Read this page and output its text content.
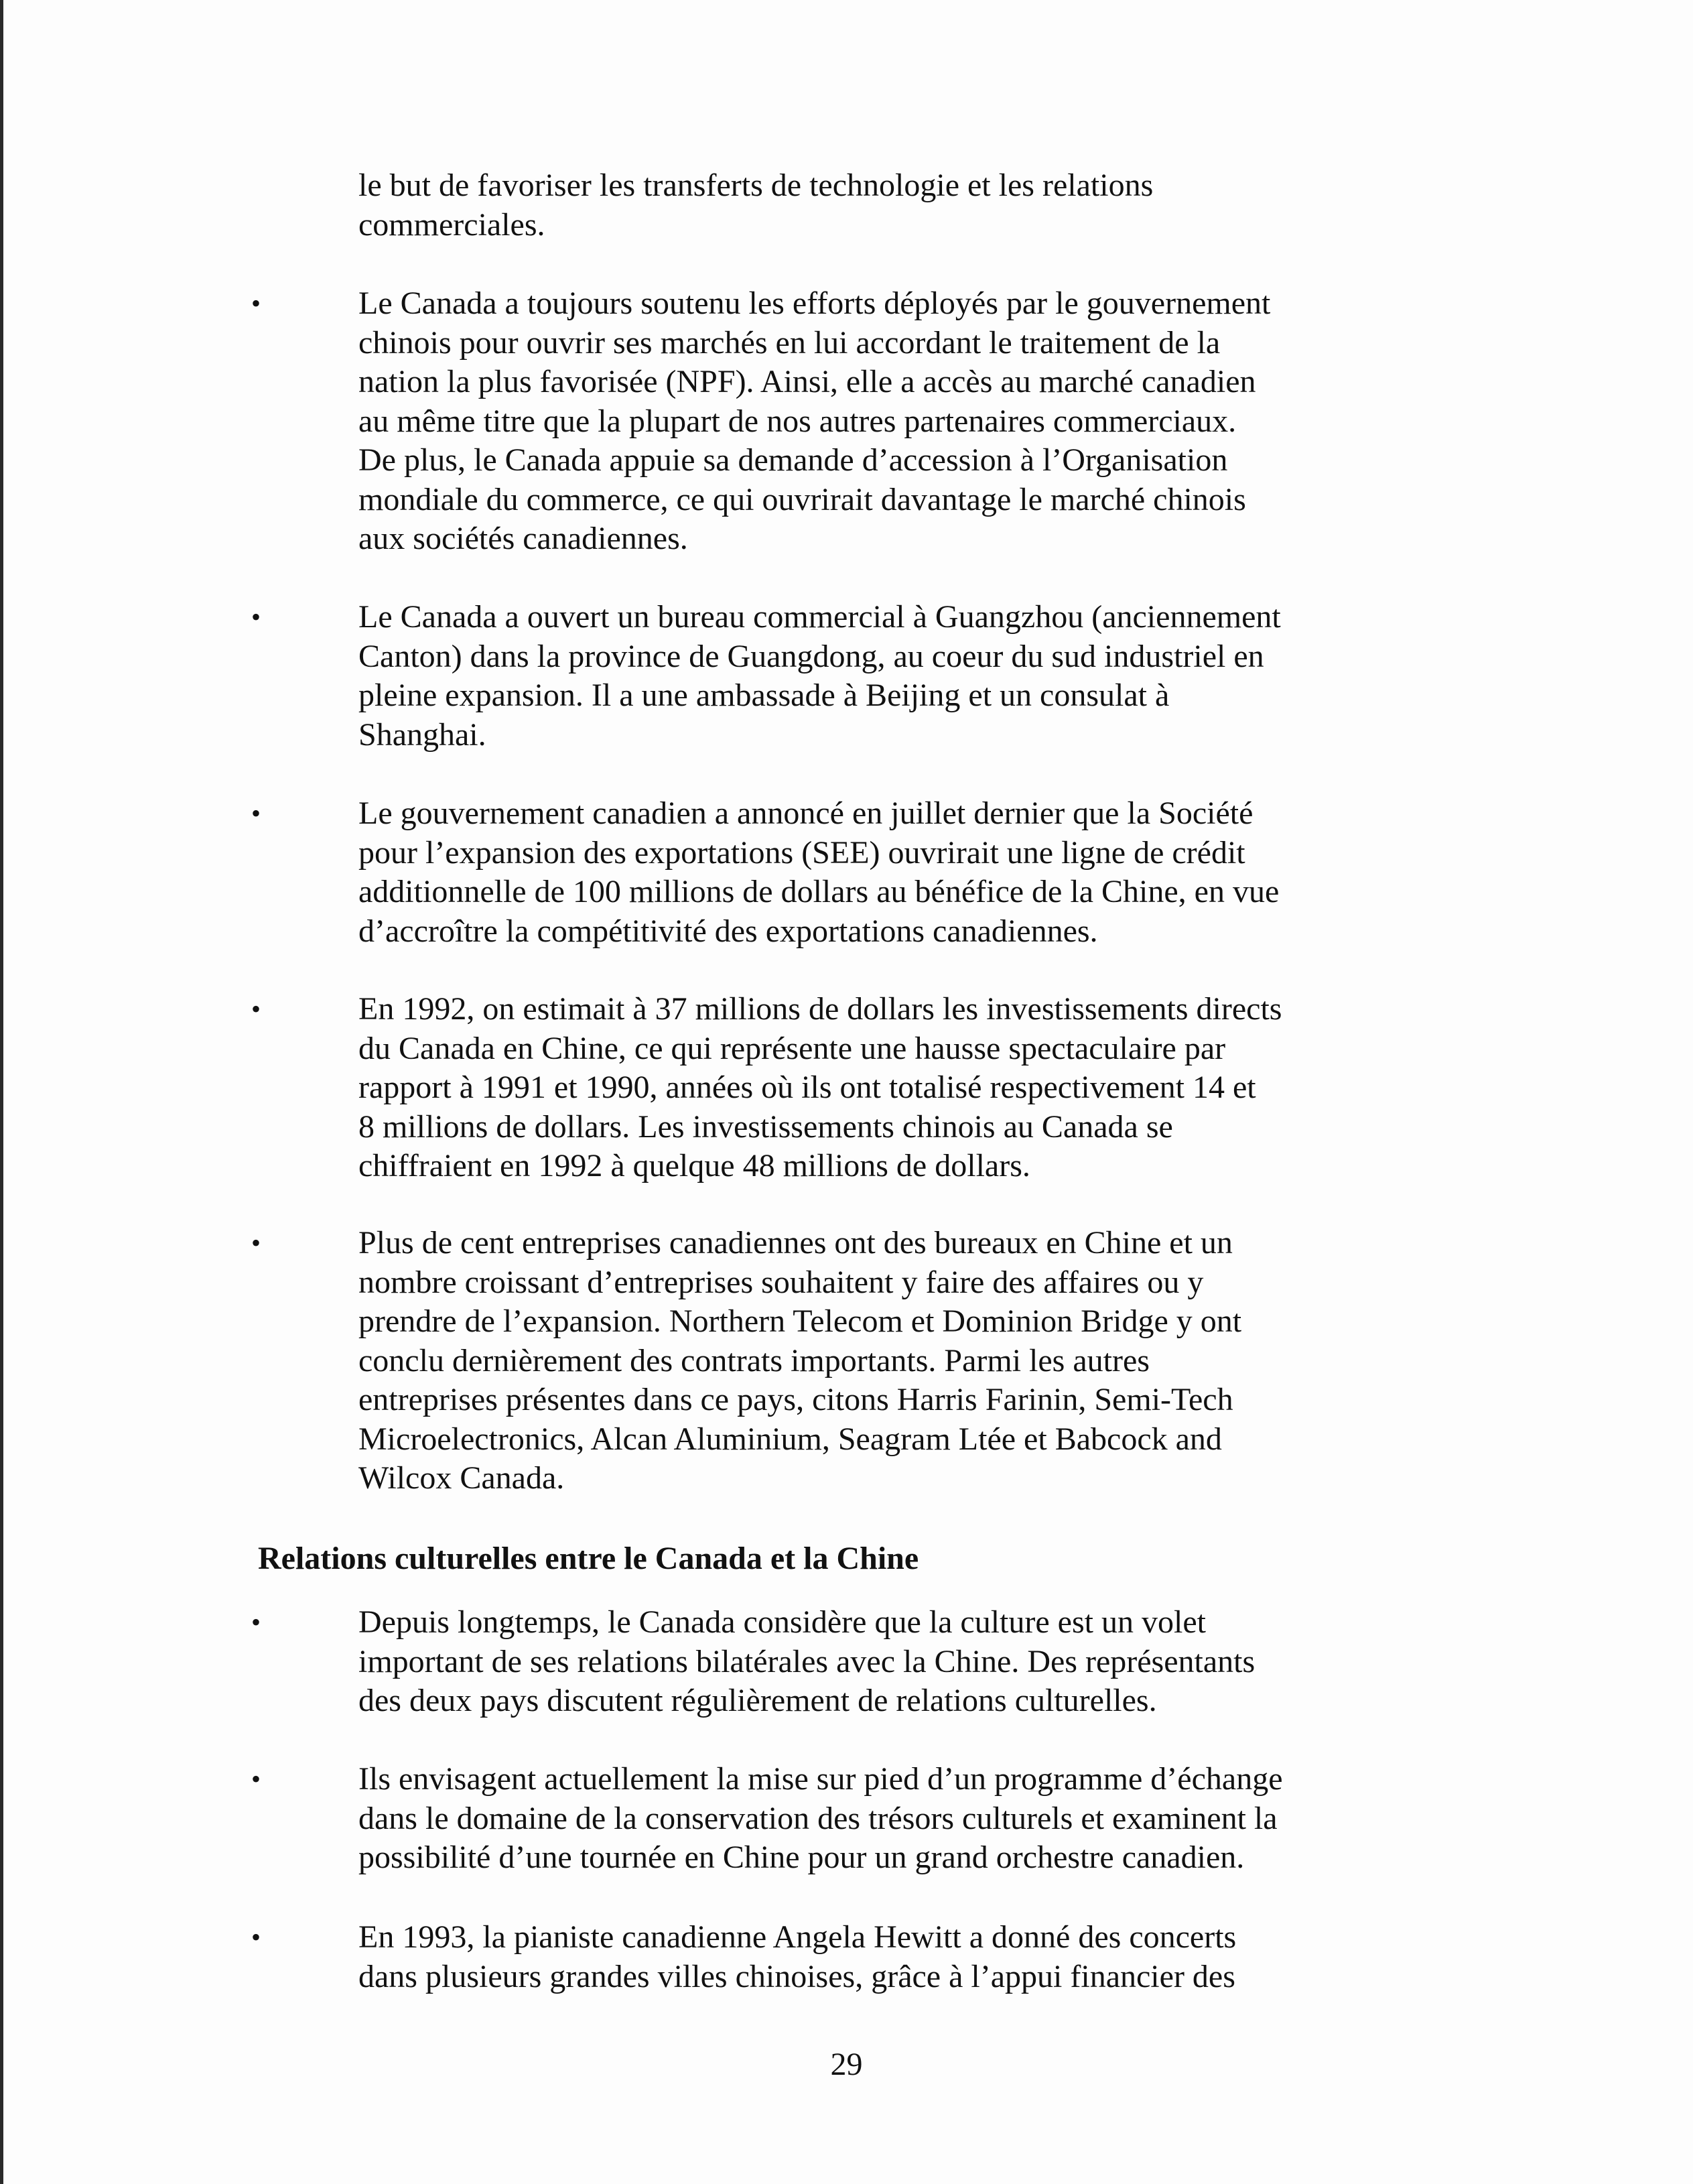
le but de favoriser les transferts de technologie et les relations
commerciales.
•	Le Canada a toujours soutenu les efforts déployés par le gouvernement
chinois pour ouvrir ses marchés en lui accordant le traitement de la
nation la plus favorisée (NPF). Ainsi, elle a accès au marché canadien
au même titre que la plupart de nos autres partenaires commerciaux.
De plus, le Canada appuie sa demande d’accession à l’Organisation
mondiale du commerce, ce qui ouvrirait davantage le marché chinois
aux sociétés canadiennes.
•	Le Canada a ouvert un bureau commercial à Guangzhou (anciennement
Canton) dans la province de Guangdong, au coeur du sud industriel en
pleine expansion. Il a une ambassade à Beijing et un consulat à
Shanghai.
•	Le gouvernement canadien a annoncé en juillet dernier que la Société
pour l’expansion des exportations (SEE) ouvrirait une ligne de crédit
additionnelle de 100 millions de dollars au bénéfice de la Chine, en vue
d’accroître la compétitivité des exportations canadiennes.
•	En 1992, on estimait à 37 millions de dollars les investissements directs
du Canada en Chine, ce qui représente une hausse spectaculaire par
rapport à 1991 et 1990, années où ils ont totalisé respectivement 14 et
8 millions de dollars. Les investissements chinois au Canada se
chiffraient en 1992 à quelque 48 millions de dollars.
•	Plus de cent entreprises canadiennes ont des bureaux en Chine et un
nombre croissant d’entreprises souhaitent y faire des affaires ou y
prendre de l’expansion. Northern Telecom et Dominion Bridge y ont
conclu dernièrement des contrats importants. Parmi les autres
entreprises présentes dans ce pays, citons Harris Farinin, Semi-Tech
Microelectronics, Alcan Aluminium, Seagram Ltée et Babcock and
Wilcox Canada.
Relations culturelles entre le Canada et la Chine
•	Depuis longtemps, le Canada considère que la culture est un volet
important de ses relations bilatérales avec la Chine. Des représentants
des deux pays discutent régulièrement de relations culturelles.
•	Ils envisagent actuellement la mise sur pied d’un programme d’échange
dans le domaine de la conservation des trésors culturels et examinent la
possibilité d’une tournée en Chine pour un grand orchestre canadien.
•	En 1993, la pianiste canadienne Angela Hewitt a donné des concerts
dans plusieurs grandes villes chinoises, grâce à l’appui financier des
29
